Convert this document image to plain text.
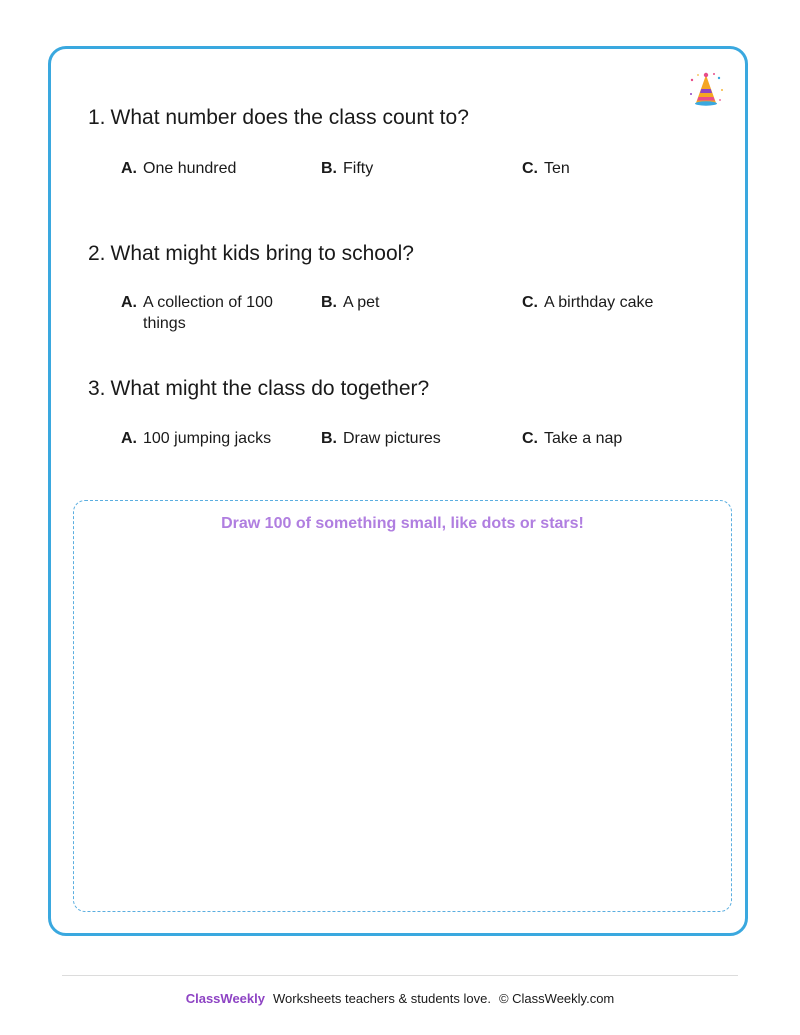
1. What number does the class count to?
A. One hundred	B. Fifty	C. Ten
2. What might kids bring to school?
A. A collection of 100 things
B. A pet	C. A birthday cake
3. What might the class do together?
A. 100 jumping jacks	B. Draw pictures	C. Take a nap
Draw 100 of something small, like dots or stars!
ClassWeekly Worksheets teachers & students love. © ClassWeekly.com
